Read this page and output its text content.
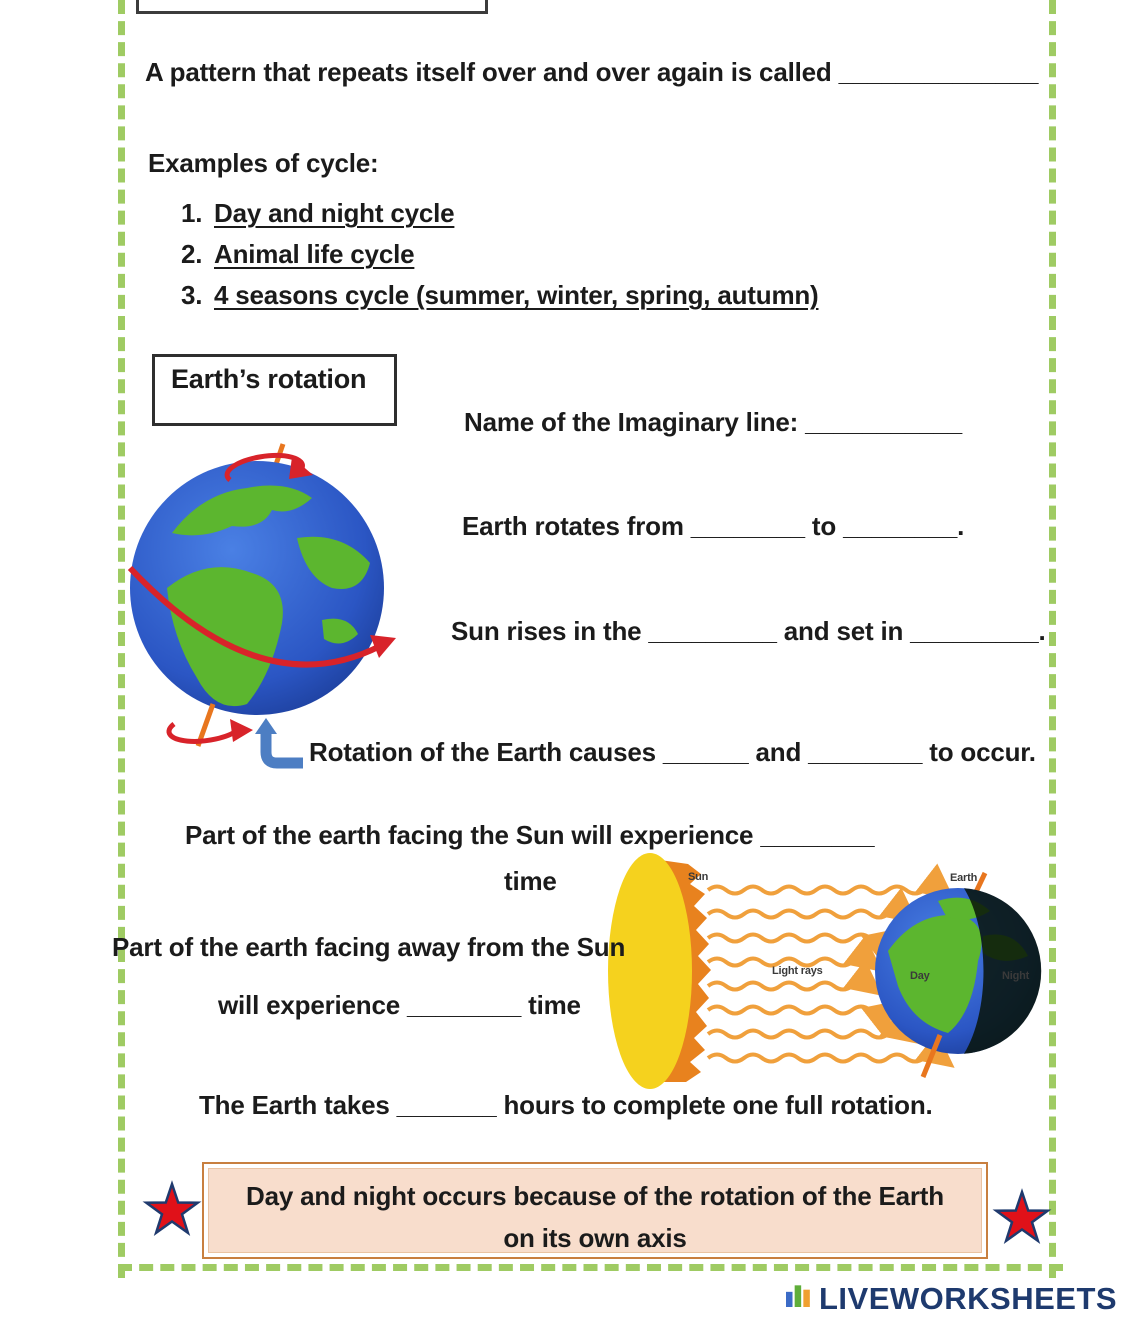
A pattern that repeats itself over and over again is called ______________
Examples of cycle:
1. Day and night cycle
2. Animal life cycle
3. 4 seasons cycle (summer, winter, spring, autumn)
Earth’s rotation
Name of the Imaginary line: ___________
Earth rotates from ________ to ________.
Sun rises in the _________ and set in _________.
Rotation of the Earth causes ______ and ________ to occur.
Part of the earth facing the Sun will experience ________
time	Sun
Light rays
Earth
Day	Night
Part of the earth facing away from the Sun
will experience ________ time
The Earth takes _______ hours to complete one full rotation.
Day and night occurs because of the rotation of the Earth
on its own axis
LIVEWORKSHEETS
